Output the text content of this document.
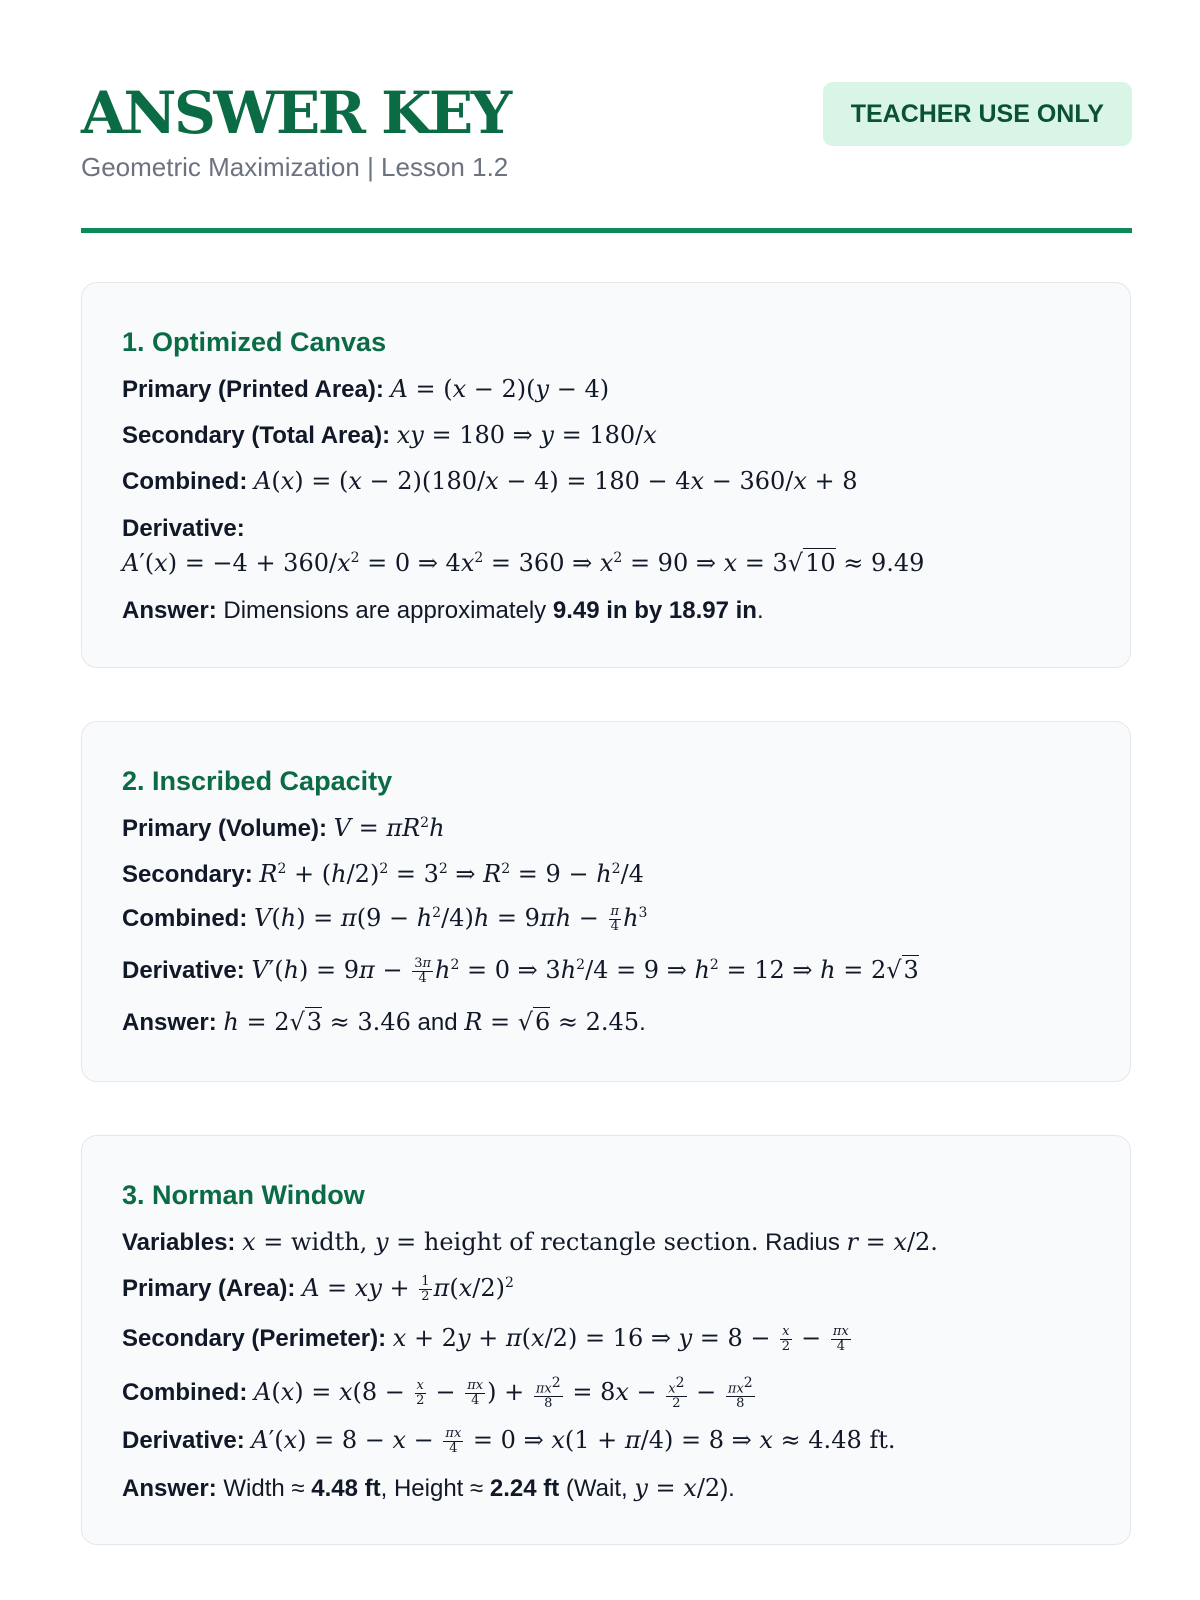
ANSWER KEY
Geometric Maximization | Lesson 1.2
TEACHER USE ONLY
1. Optimized Canvas
Primary (Printed Area): A = (x − 2)(y − 4)
Secondary (Total Area): xy = 180 ⇒ y = 180/x
Combined: A(x) = (x − 2)(180/x − 4) = 180 − 4x − 360/x + 8
Derivative:
$A'(x) = -4 + 360/x^2 = 0$ ⇒ $4x^2 = 360$ ⇒ $x^2 = 90$ ⇒ x = 3√10 ≈ 9.49
Answer: Dimensions are approximately 9.49 in by 18.97 in.
2. Inscribed Capacity
Primary (Volume): $V = \pi R^2h$
Secondary: $R^2 + (h/2)^2 = 3^2$ ⇒ $R^2 = 9 - h^2/4$
Combined: $V(h) = \pi(9 - h^2/4)h = 9\pi h - \frac{\pi}{4} h^3$
Derivative: $V'(h) = 9\pi - \frac{3\pi}{4} h^2 = 0$ ⇒ $3h^2/4 = 9$ ⇒ $h^2 = 12$ ⇒ h = 2√3
Answer: h = 2√3 ≈ 3.46 and R = √6 ≈ 2.45.
3. Norman Window
Variables: x = width, y = height of rectangle section. Radius r = x/2.
Primary (Area): A = xy + $\frac{1}{2} \pi(x/2)^2$
Secondary (Perimeter): x + 2y + π(x/2) = 16 ⇒ $y = 8 - \frac{x}{2} - \frac{\pi x}{4}$
Combined: $A(x) = x(8 - \frac{x}{2} - \frac{\pi x}{4}$ ) + $\frac{\pi x^2}{8} = 8x - \frac{x^2}{2} - \frac{\pi x^2}{8}$
Derivative: $A'(x) = 8 - x - \frac{\pi x}{4} = 0$ ⇒ x(1 + π/4) = 8 ⇒ x ≈ 4.48 ft.
Answer: Width ≈ 4.48 ft, Height ≈ 2.24 ft (Wait, y = x/2).
